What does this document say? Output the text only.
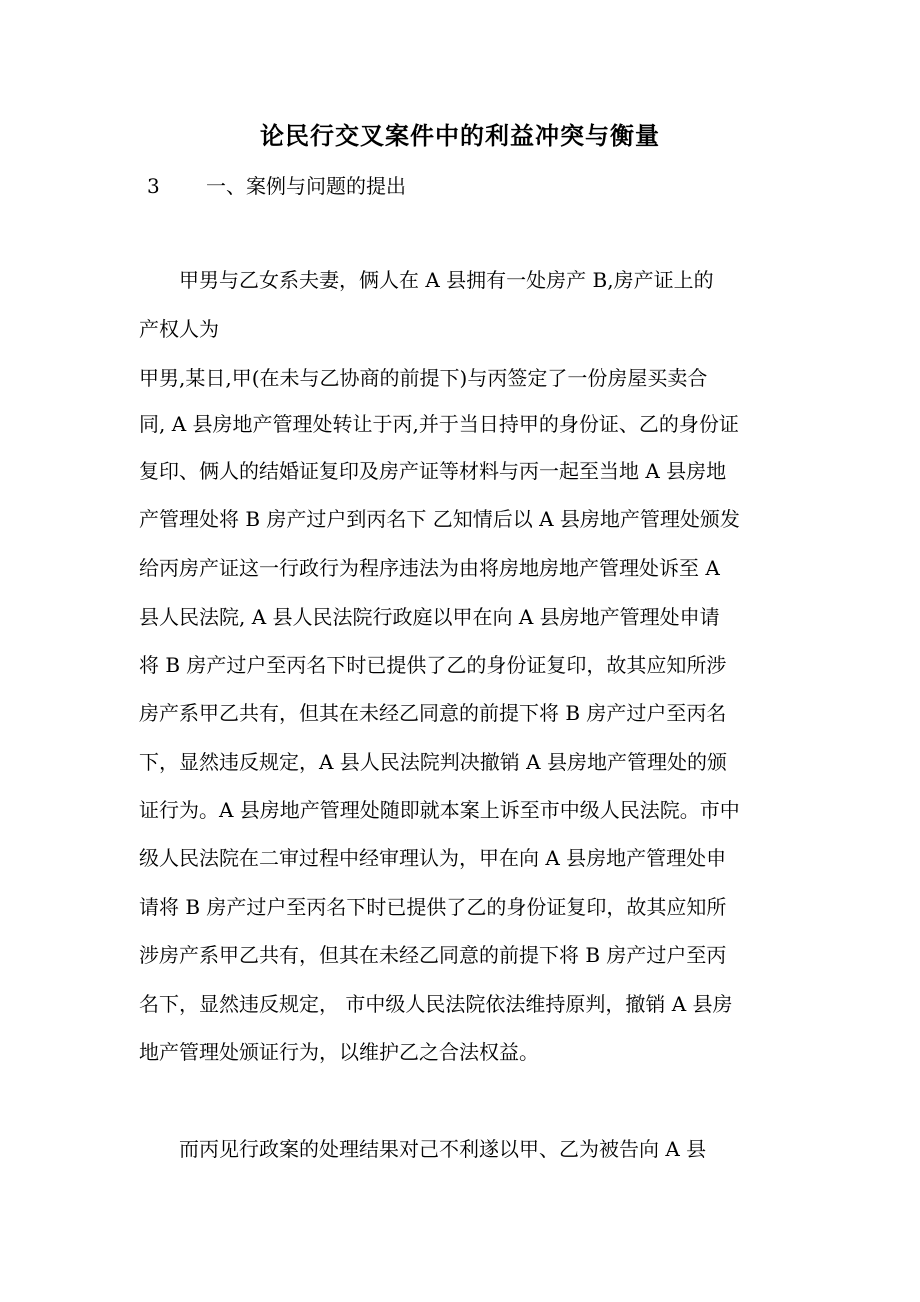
论民行交叉案件中的利益冲突与衡量
3 一、案例与问题的提出
　　甲男与乙女系夫妻，俩人在 A 县拥有一处房产 B,房产证上的
产权人为
甲男,某日,甲(在未与乙协商的前提下)与丙签定了一份房屋买卖合
同, A 县房地产管理处转让于丙,并于当日持甲的身份证、乙的身份证
复印、俩人的结婚证复印及房产证等材料与丙一起至当地 A 县房地
产管理处将 B 房产过户到丙名下 乙知情后以 A 县房地产管理处颁发
给丙房产证这一行政行为程序违法为由将房地房地产管理处诉至 A
县人民法院, A 县人民法院行政庭以甲在向 A 县房地产管理处申请
将 B 房产过户至丙名下时已提供了乙的身份证复印，故其应知所涉
房产系甲乙共有，但其在未经乙同意的前提下将 B 房产过户至丙名
下，显然违反规定，A 县人民法院判决撤销 A 县房地产管理处的颁
证行为。A 县房地产管理处随即就本案上诉至市中级人民法院。市中
级人民法院在二审过程中经审理认为，甲在向 A 县房地产管理处申
请将 B 房产过户至丙名下时已提供了乙的身份证复印，故其应知所
涉房产系甲乙共有，但其在未经乙同意的前提下将 B 房产过户至丙
名下，显然违反规定， 市中级人民法院依法维持原判，撤销 A 县房
地产管理处颁证行为，以维护乙之合法权益。
　　而丙见行政案的处理结果对己不利遂以甲、乙为被告向 A 县
